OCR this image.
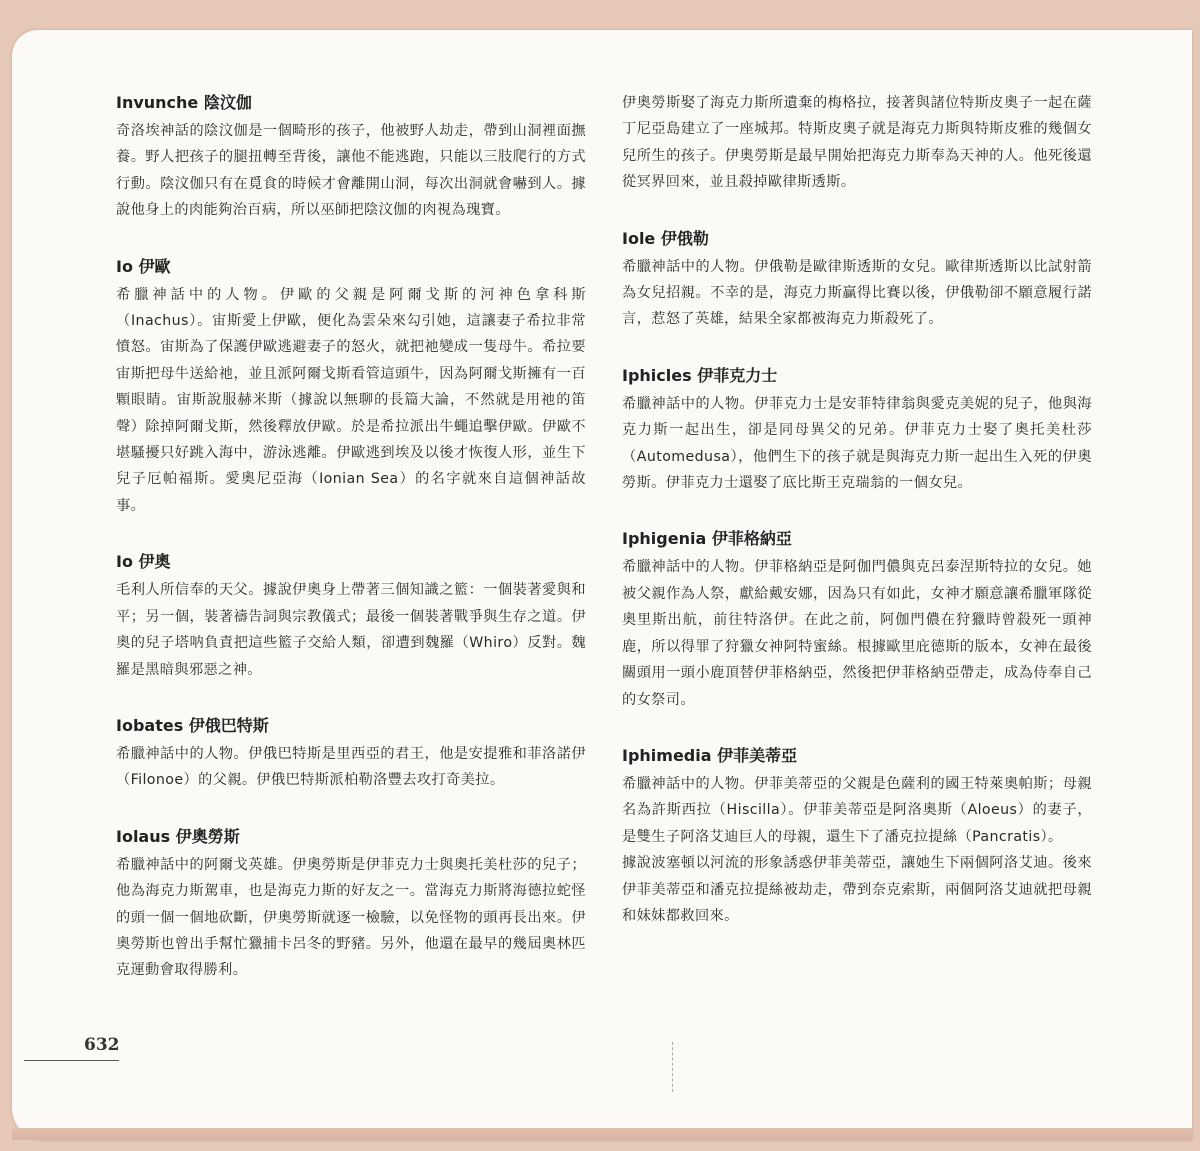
Invunche 陰汶伽

奇洛埃神話的陰汶伽是一個畸形的孩子，他被野人劫走，帶到山洞裡面撫養。野人把孩子的腿扭轉至背後，讓他不能逃跑，只能以三肢爬行的方式行動。陰汶伽只有在覓食的時候才會離開山洞，每次出洞就會嚇到人。據說他身上的肉能夠治百病，所以巫師把陰汶伽的肉視為瑰寶。

Io 伊歐

希臘神話中的人物。伊歐的父親是阿爾戈斯的河神色拿科斯（Inachus）。宙斯愛上伊歐，便化為雲朵來勾引她，這讓妻子希拉非常憤怒。宙斯為了保護伊歐逃避妻子的怒火，就把祂變成一隻母牛。希拉要宙斯把母牛送給祂，並且派阿爾戈斯看管這頭牛，因為阿爾戈斯擁有一百顆眼睛。宙斯說服赫米斯（據說以無聊的長篇大論，不然就是用祂的笛聲）除掉阿爾戈斯，然後釋放伊歐。於是希拉派出牛蠅追擊伊歐。伊歐不堪騷擾只好跳入海中，游泳逃離。伊歐逃到埃及以後才恢復人形，並生下兒子厄帕福斯。愛奧尼亞海（Ionian Sea）的名字就來自這個神話故事。

Io 伊奧

毛利人所信奉的天父。據說伊奧身上帶著三個知識之籃：一個裝著愛與和平；另一個，裝著禱告詞與宗教儀式；最後一個裝著戰爭與生存之道。伊奧的兒子塔呐負責把這些籃子交給人類，卻遭到魏羅（Whiro）反對。魏羅是黑暗與邪惡之神。

Iobates 伊俄巴特斯

希臘神話中的人物。伊俄巴特斯是里西亞的君王，他是安提雅和菲洛諾伊（Filonoe）的父親。伊俄巴特斯派柏勒洛豐去攻打奇美拉。

Iolaus 伊奧勞斯

希臘神話中的阿爾戈英雄。伊奧勞斯是伊菲克力士與奧托美杜莎的兒子；他為海克力斯駕車，也是海克力斯的好友之一。當海克力斯將海德拉蛇怪的頭一個一個地砍斷，伊奧勞斯就逐一檢驗，以免怪物的頭再長出來。伊奧勞斯也曾出手幫忙獵捕卡呂冬的野豬。另外，他還在最早的幾屆奧林匹克運動會取得勝利。

伊奧勞斯娶了海克力斯所遺棄的梅格拉，接著與諸位特斯皮奧子一起在薩丁尼亞島建立了一座城邦。特斯皮奧子就是海克力斯與特斯皮雅的幾個女兒所生的孩子。伊奧勞斯是最早開始把海克力斯奉為天神的人。他死後還從冥界回來，並且殺掉歐律斯透斯。

Iole 伊俄勒

希臘神話中的人物。伊俄勒是歐律斯透斯的女兒。歐律斯透斯以比試射箭為女兒招親。不幸的是，海克力斯贏得比賽以後，伊俄勒卻不願意履行諾言，惹怒了英雄，結果全家都被海克力斯殺死了。

Iphicles 伊菲克力士

希臘神話中的人物。伊菲克力士是安菲特律翁與愛克美妮的兒子，他與海克力斯一起出生，卻是同母異父的兄弟。伊菲克力士娶了奧托美杜莎（Automedusa），他們生下的孩子就是與海克力斯一起出生入死的伊奧勞斯。伊菲克力士還娶了底比斯王克瑞翁的一個女兒。

Iphigenia 伊菲格納亞

希臘神話中的人物。伊菲格納亞是阿伽門儂與克呂泰涅斯特拉的女兒。她被父親作為人祭，獻給戴安娜，因為只有如此，女神才願意讓希臘軍隊從奧里斯出航，前往特洛伊。在此之前，阿伽門儂在狩獵時曾殺死一頭神鹿，所以得罪了狩獵女神阿特蜜絲。根據歐里庇德斯的版本，女神在最後關頭用一頭小鹿頂替伊菲格納亞，然後把伊菲格納亞帶走，成為侍奉自己的女祭司。

Iphimedia 伊菲美蒂亞

希臘神話中的人物。伊菲美蒂亞的父親是色薩利的國王特萊奧帕斯；母親名為許斯西拉（Hiscilla）。伊菲美蒂亞是阿洛奧斯（Aloeus）的妻子，是雙生子阿洛艾迪巨人的母親，還生下了潘克拉提絲（Pancratis）。

據說波塞頓以河流的形象誘惑伊菲美蒂亞，讓她生下兩個阿洛艾迪。後來伊菲美蒂亞和潘克拉提絲被劫走，帶到奈克索斯，兩個阿洛艾迪就把母親和妹妹都救回來。

632
